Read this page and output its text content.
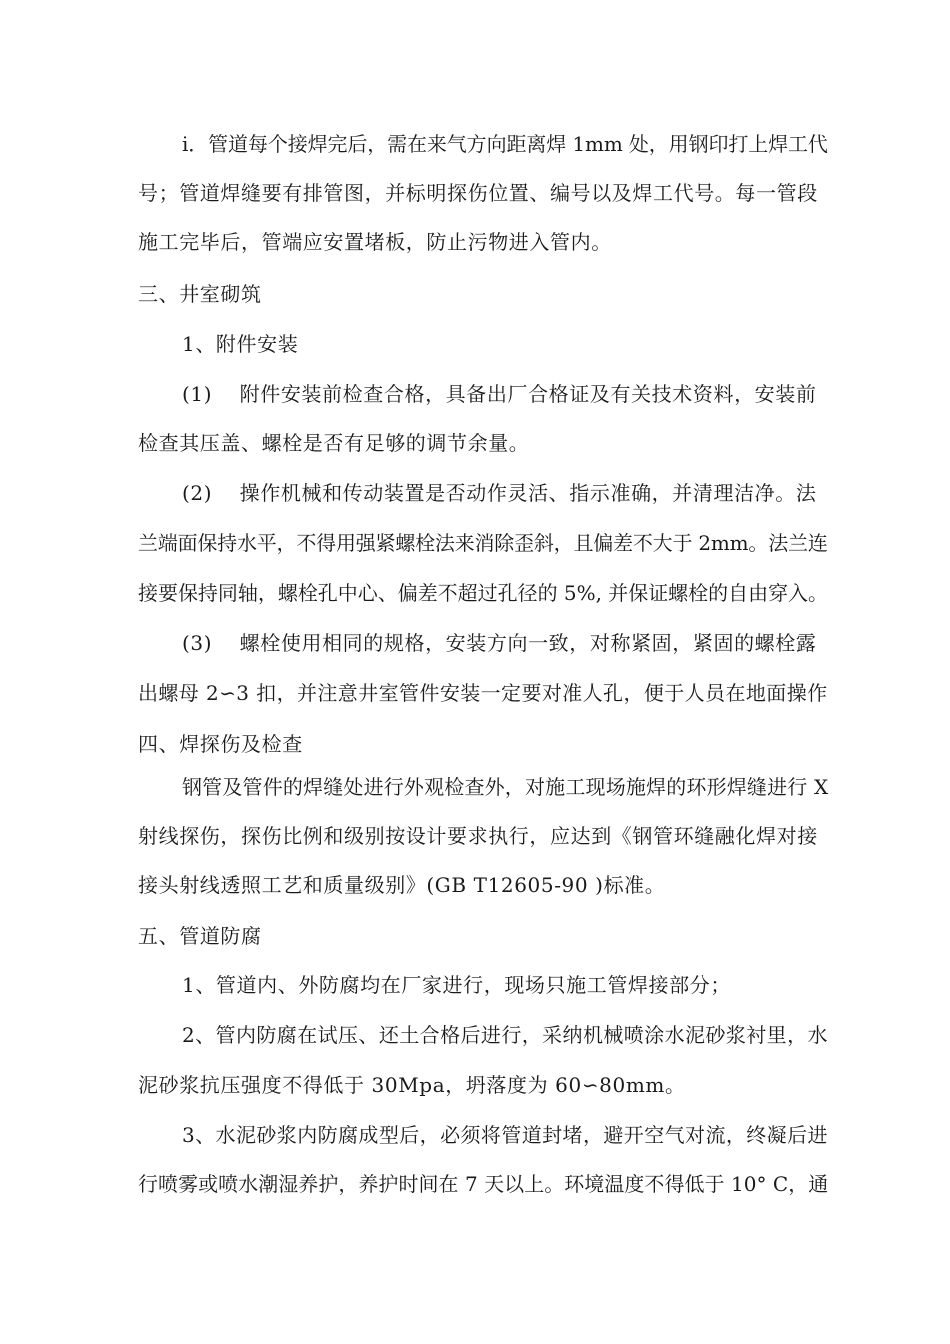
i．管道每个接焊完后，需在来气方向距离焊 1mm 处，用钢印打上焊工代
号；管道焊缝要有排管图，并标明探伤位置、编号以及焊工代号。每一管段
施工完毕后，管端应安置堵板，防止污物进入管内。
三、井室砌筑
1、附件安装
(1)　 附件安装前检查合格，具备出厂合格证及有关技术资料，安装前
检查其压盖、螺栓是否有足够的调节余量。
(2)　 操作机械和传动装置是否动作灵活、指示准确，并清理洁净。法
兰端面保持水平，不得用强紧螺栓法来消除歪斜，且偏差不大于 2mm。法兰连
接要保持同轴，螺栓孔中心、偏差不超过孔径的 5%, 并保证螺栓的自由穿入。
(3)　 螺栓使用相同的规格，安装方向一致，对称紧固，紧固的螺栓露
出螺母 2∽3 扣，并注意井室管件安装一定要对准人孔，便于人员在地面操作
四、焊探伤及检查
钢管及管件的焊缝处进行外观检查外，对施工现场施焊的环形焊缝进行 X
射线探伤，探伤比例和级别按设计要求执行，应达到《钢管环缝融化焊对接
接头射线透照工艺和质量级别》(GB T12605-90 )标准。
五、管道防腐
1、管道内、外防腐均在厂家进行，现场只施工管焊接部分；
2、管内防腐在试压、还土合格后进行，采纳机械喷涂水泥砂浆衬里，水
泥砂浆抗压强度不得低于 30Mpa，坍落度为 60∽80mm。
3、水泥砂浆内防腐成型后，必须将管道封堵，避开空气对流，终凝后进
行喷雾或喷水潮湿养护，养护时间在 7 天以上。环境温度不得低于 10° C，通
